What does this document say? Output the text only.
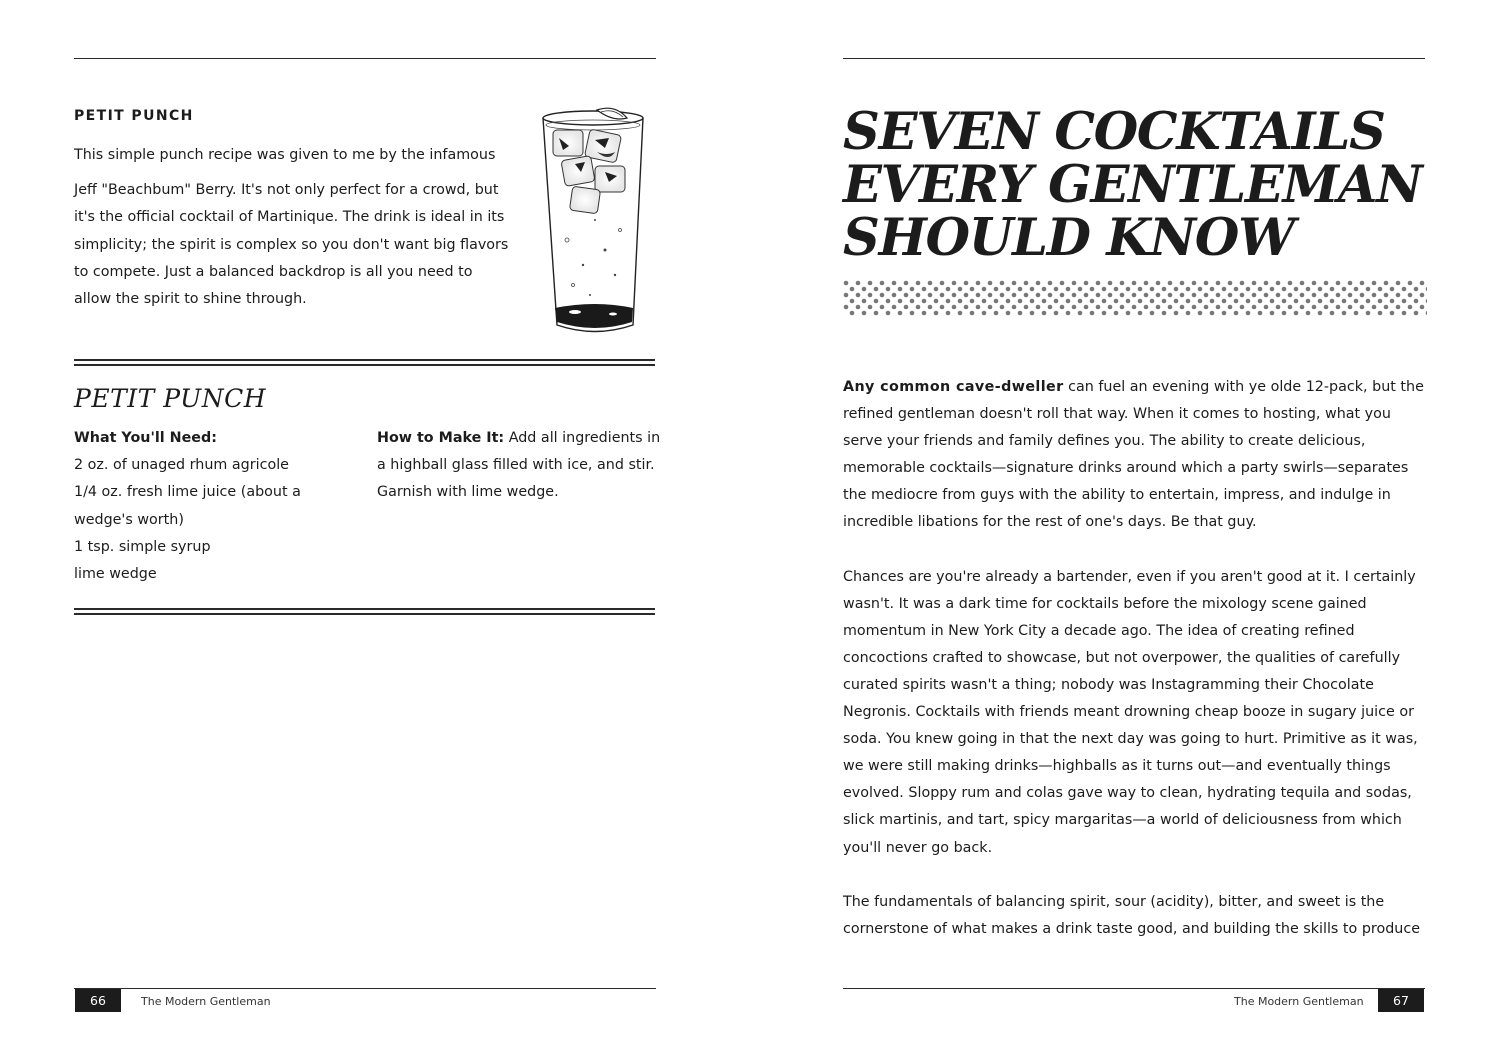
PETIT PUNCH

This simple punch recipe was given to me by the infamous

Jeff "Beachbum" Berry. It's not only perfect for a crowd, but it's the official cocktail of Martinique. The drink is ideal in its simplicity; the spirit is complex so you don't want big flavors to compete. Just a balanced backdrop is all you need to allow the spirit to shine through.

PETIT PUNCH
What You'll Need:
2 oz. of unaged rhum agricole
1/4 oz. fresh lime juice (about a wedge's worth)
1 tsp. simple syrup
lime wedge
How to Make It: Add all ingredients in a highball glass filled with ice, and stir. Garnish with lime wedge.
66	The Modern Gentleman
SEVEN COCKTAILS
EVERY GENTLEMAN
SHOULD KNOW

Any common cave-dweller can fuel an evening with ye olde 12-pack, but the refined gentleman doesn't roll that way. When it comes to hosting, what you serve your friends and family defines you. The ability to create delicious, memorable cocktails—signature drinks around which a party swirls—separates the mediocre from guys with the ability to entertain, impress, and indulge in incredible libations for the rest of one's days. Be that guy.

Chances are you're already a bartender, even if you aren't good at it. I certainly wasn't. It was a dark time for cocktails before the mixology scene gained momentum in New York City a decade ago. The idea of creating refined concoctions crafted to showcase, but not overpower, the qualities of carefully curated spirits wasn't a thing; nobody was Instagramming their Chocolate Negronis. Cocktails with friends meant drowning cheap booze in sugary juice or soda. You knew going in that the next day was going to hurt. Primitive as it was, we were still making drinks—highballs as it turns out—and eventually things evolved. Sloppy rum and colas gave way to clean, hydrating tequila and sodas, slick martinis, and tart, spicy margaritas—a world of deliciousness from which you'll never go back.

The fundamentals of balancing spirit, sour (acidity), bitter, and sweet is the cornerstone of what makes a drink taste good, and building the skills to produce

The Modern Gentleman	67
